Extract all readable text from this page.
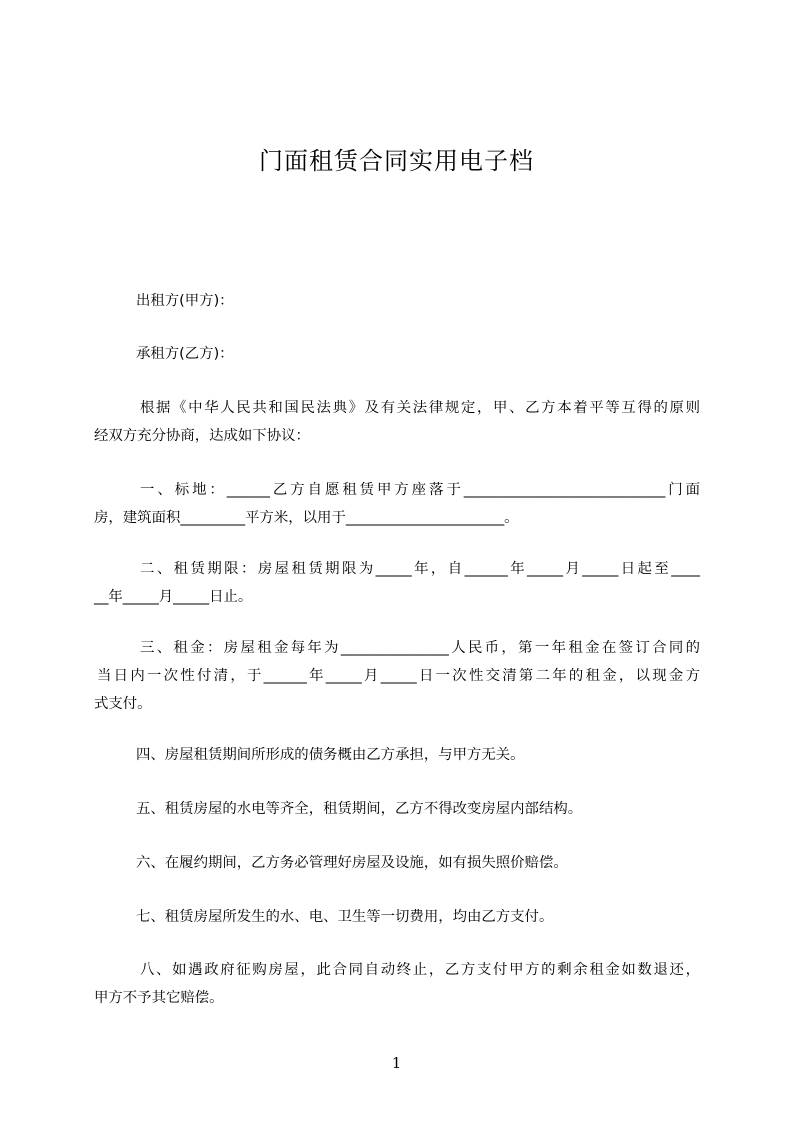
门面租赁合同实用电子档
出租方(甲方)：
承租方(乙方)：
根据《中华人民共和国民法典》及有关法律规定，甲、乙方本着平等互得的原则
经双方充分协商，达成如下协议：
一、标地：______乙方自愿租赁甲方座落于____________________________门面
房，建筑面积_________平方米，以用于______________________。
二、租赁期限：房屋租赁期限为_____年，自______年_____月_____日起至____
__年_____月_____日止。
三、租金：房屋租金每年为_______________人民币，第一年租金在签订合同的
当日内一次性付清，于______年_____月_____日一次性交清第二年的租金，以现金方
式支付。
四、房屋租赁期间所形成的债务概由乙方承担，与甲方无关。
五、租赁房屋的水电等齐全，租赁期间，乙方不得改变房屋内部结构。
六、在履约期间，乙方务必管理好房屋及设施，如有损失照价赔偿。
七、租赁房屋所发生的水、电、卫生等一切费用，均由乙方支付。
八、如遇政府征购房屋，此合同自动终止，乙方支付甲方的剩余租金如数退还，
甲方不予其它赔偿。
1
